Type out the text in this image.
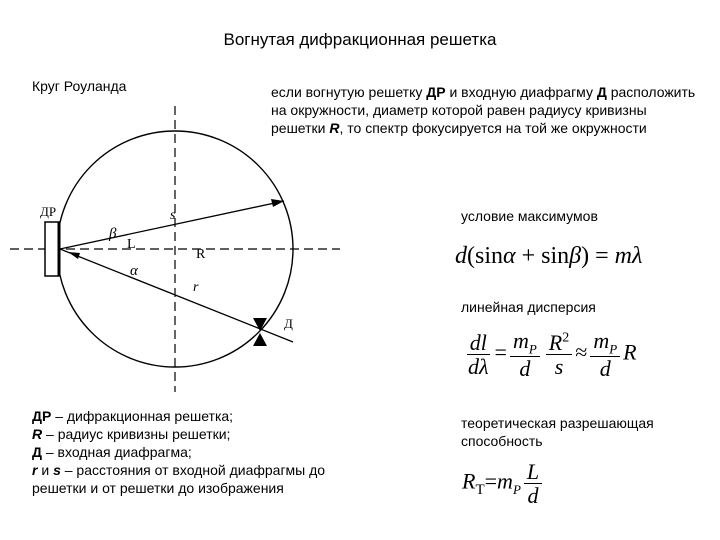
Вогнутая дифракционная решетка
Круг Роуланда	если вогнутую решетку ДР и входную диафрагму Д расположить на окружности, диаметр которой равен радиусу кривизны решетки R, то спектр фокусируется на той же окружности
ДР
β
L
R
α
s
r
Д
условие максимумов
d(sinα + sinβ) = mλ
линейная дисперсия
$\frac{dl}{d\lambda} = \frac{m_P}{d} \frac{R^2}{s} \approx \frac{m_P}{d}$ R
теоретическая разрешающая способность
$R_Т=m_P \frac{L}{d}$
ДР – дифракционная решетка;
R – радиус кривизны решетки;
Д – входная диафрагма;
r и s – расстояния от входной диафрагмы до
решетки и от решетки до изображения
